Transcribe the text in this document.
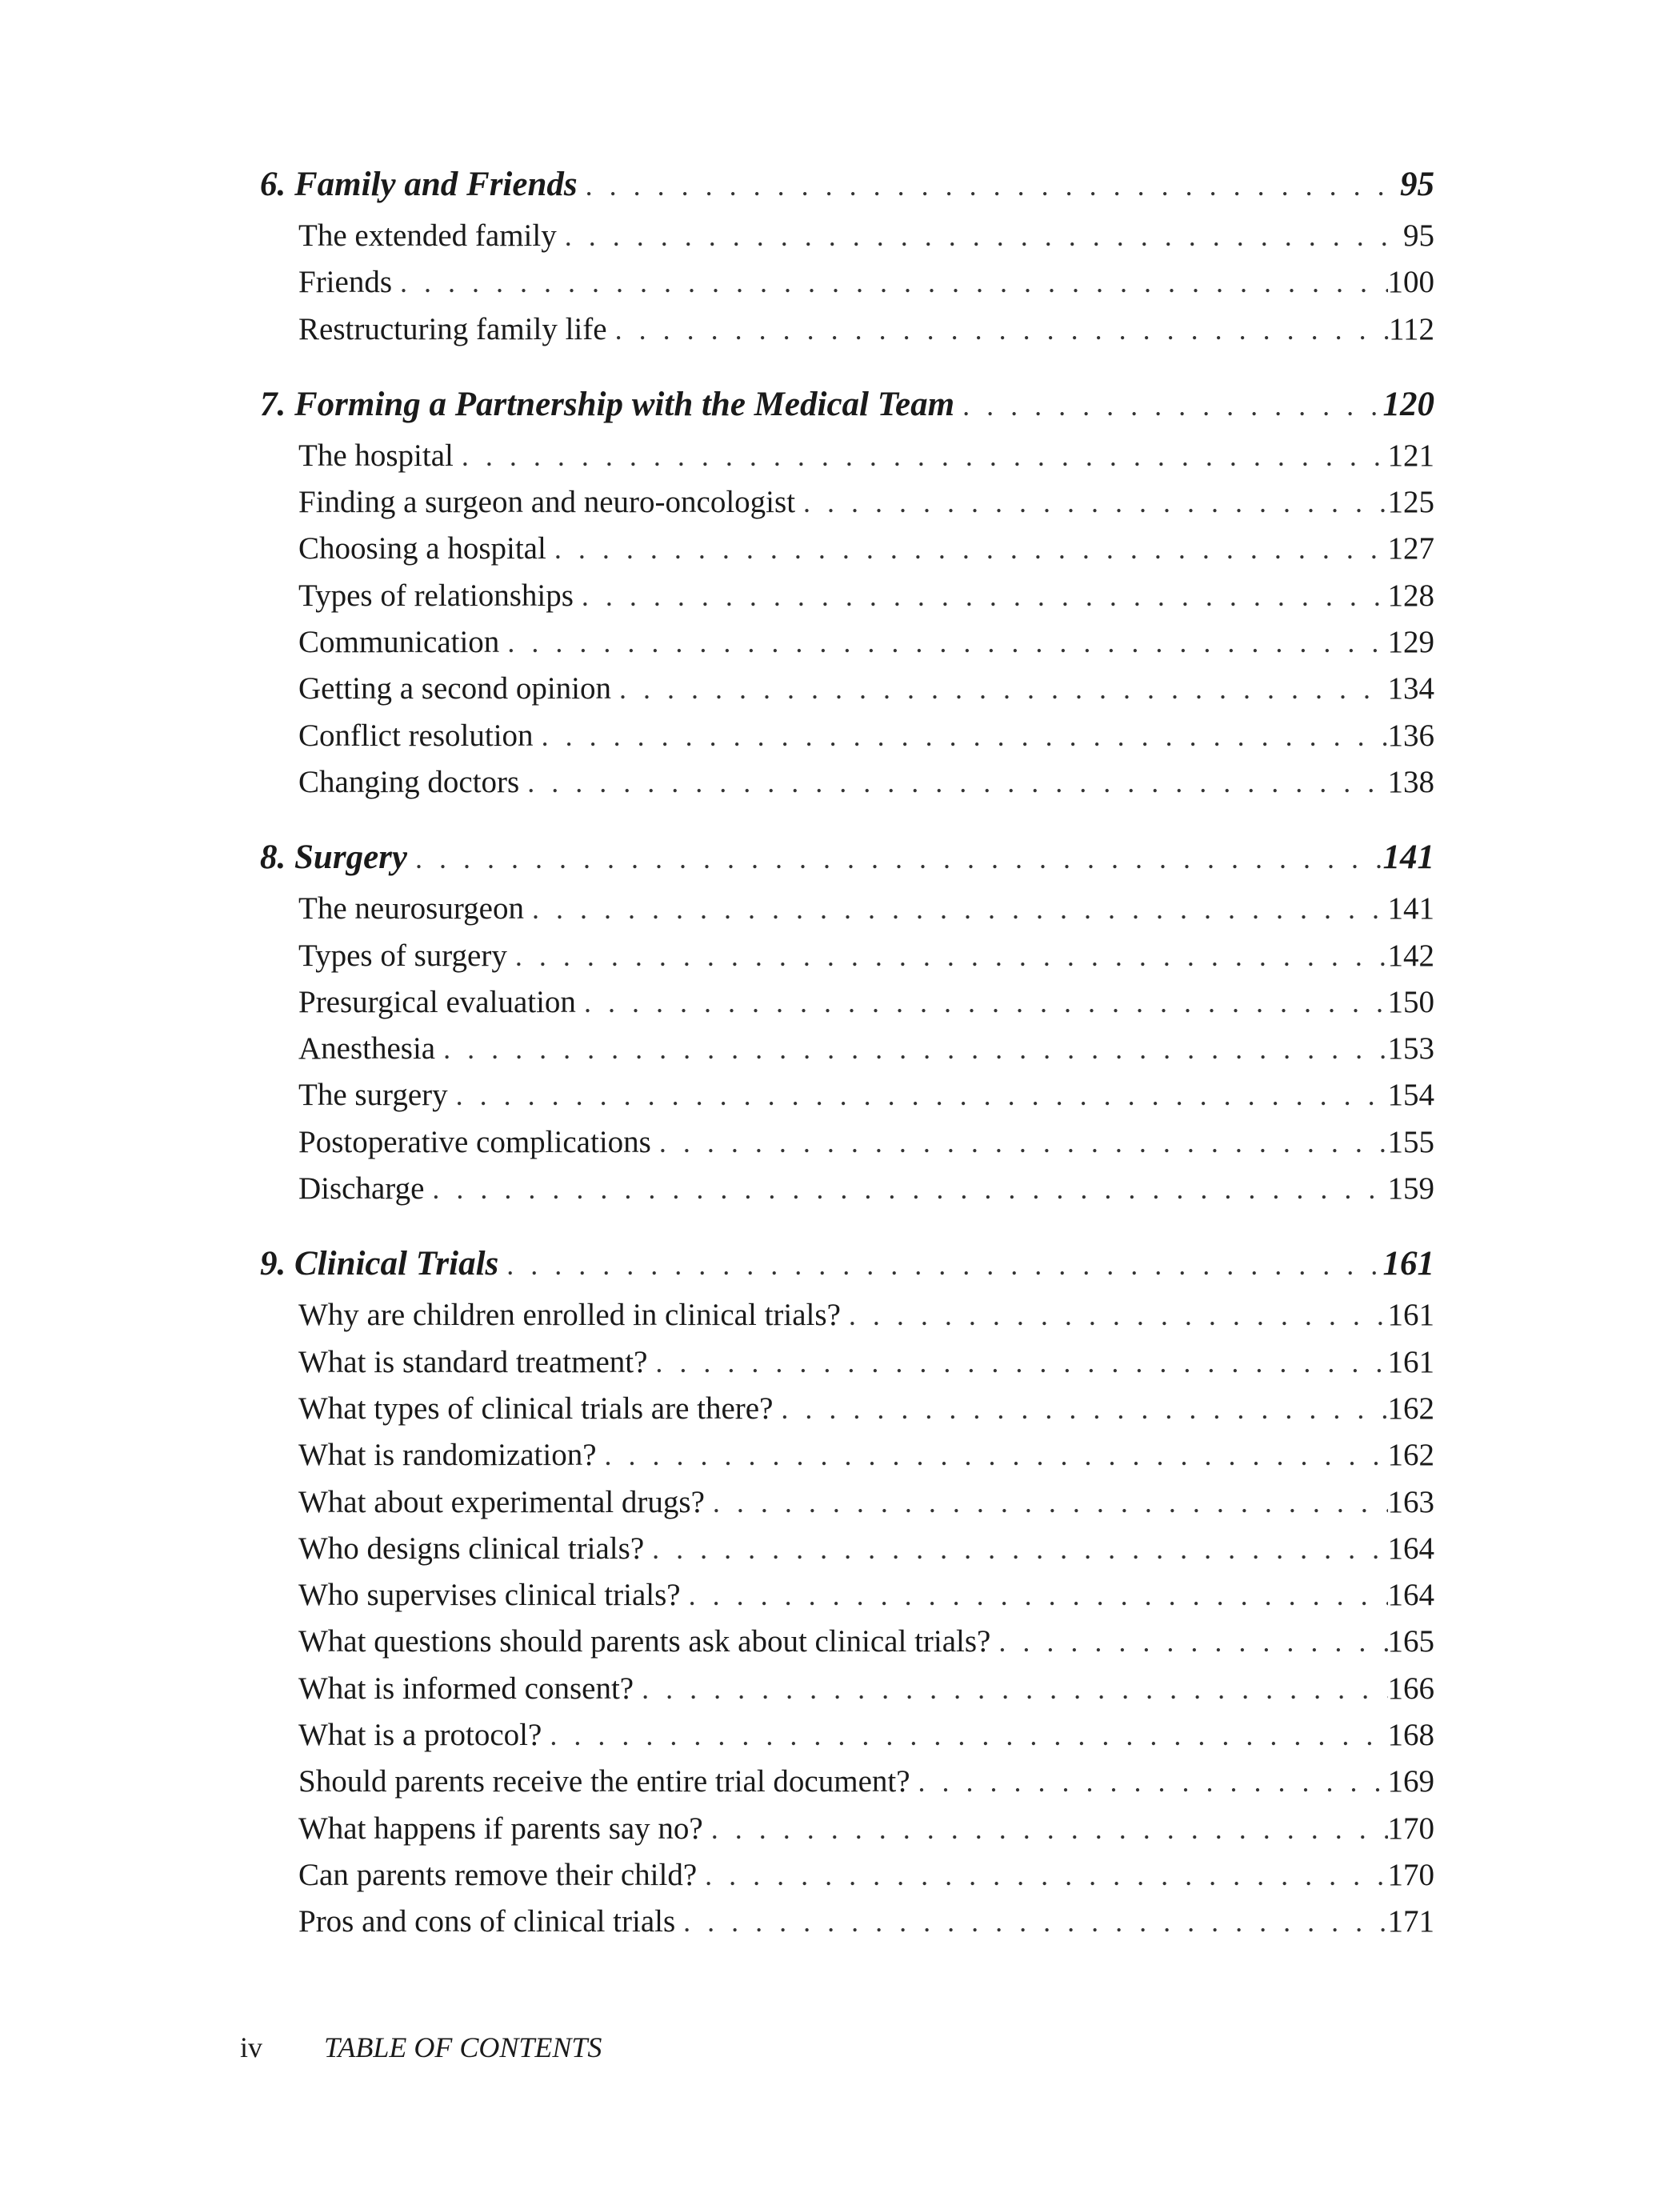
6. Family and Friends . . .	95
The extended family . . .	95
Friends . . .	100
Restructuring family life . . .	112
7. Forming a Partnership with the Medical Team . . .	120
The hospital . . .	121
Finding a surgeon and neuro-oncologist . . .	125
Choosing a hospital . . .	127
Types of relationships . . .	128
Communication . . .	129
Getting a second opinion . . .	134
Conflict resolution . . .	136
Changing doctors . . .	138
8. Surgery . . .	141
The neurosurgeon . . .	141
Types of surgery . . .	142
Presurgical evaluation . . .	150
Anesthesia . . .	153
The surgery . . .	154
Postoperative complications . . .	155
Discharge . . .	159
9. Clinical Trials . . .	161
Why are children enrolled in clinical trials? . . .	161
What is standard treatment? . . .	161
What types of clinical trials are there? . . .	162
What is randomization? . . .	162
What about experimental drugs? . . .	163
Who designs clinical trials? . . .	164
Who supervises clinical trials? . . .	164
What questions should parents ask about clinical trials? . . .	165
What is informed consent? . . .	166
What is a protocol? . . .	168
Should parents receive the entire trial document? . . .	169
What happens if parents say no? . . .	170
Can parents remove their child? . . .	170
Pros and cons of clinical trials . . .	171
iv TABLE OF CONTENTS
